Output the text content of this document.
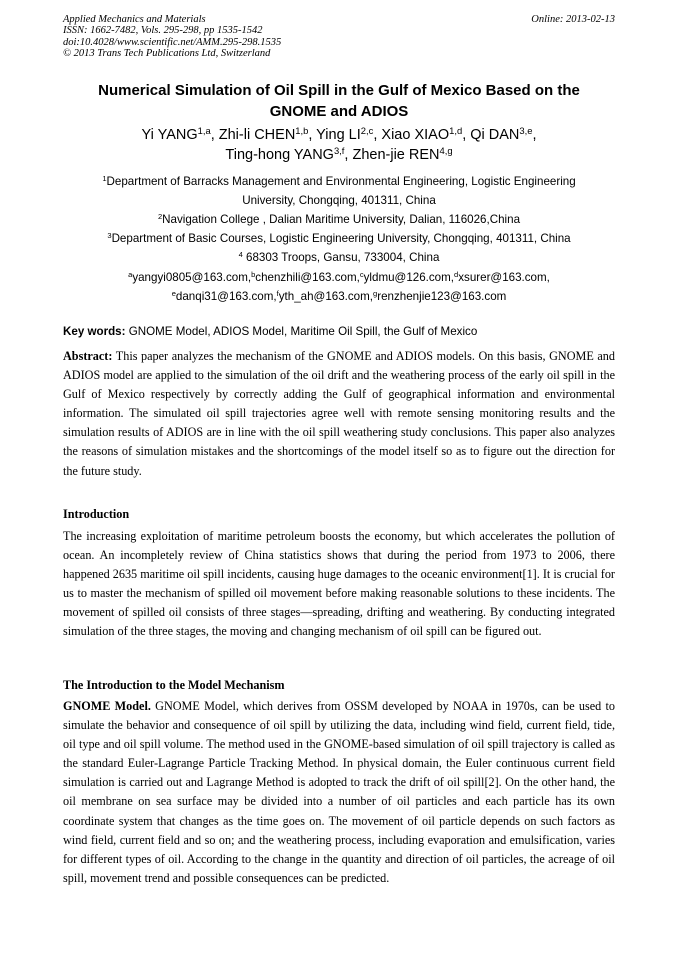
Applied Mechanics and Materials
ISSN: 1662-7482, Vols. 295-298, pp 1535-1542
doi:10.4028/www.scientific.net/AMM.295-298.1535
© 2013 Trans Tech Publications Ltd, Switzerland
Online: 2013-02-13
Numerical Simulation of Oil Spill in the Gulf of Mexico Based on the
GNOME and ADIOS
Yi YANG$^{1,a}$, Zhi-li CHEN$^{1,b}$, Ying LI$^{2,c}$, Xiao XIAO$^{1,d}$, Qi DAN$^{3,e}$,
Ting-hong YANG$^{3,f}$, Zhen-jie REN$^{4,g}$
$^1$Department of Barracks Management and Environmental Engineering, Logistic Engineering
University, Chongqing, 401311, China
$^2$Navigation College , Dalian Maritime University, Dalian, 116026,China
$^3$Department of Basic Courses, Logistic Engineering University, Chongqing, 401311, China
$^4$ 68303 Troops, Gansu, 733004, China
$^a$yangyi0805@163.com,$^b$chenzhili@163.com,$^c$yldmu@126.com,$^d$xsurer@163.com,
$^e$danqi31@163.com,$^f$yth_ah@163.com,$^g$renzhenjie123@163.com
Key words: GNOME Model, ADIOS Model, Maritime Oil Spill, the Gulf of Mexico
Abstract: This paper analyzes the mechanism of the GNOME and ADIOS models. On this basis, GNOME and ADIOS model are applied to the simulation of the oil drift and the weathering process of the early oil spill in the Gulf of Mexico respectively by correctly adding the Gulf of geographical information and environmental information. The simulated oil spill trajectories agree well with remote sensing monitoring results and the simulation results of ADIOS are in line with the oil spill weathering study conclusions. This paper also analyzes the reasons of simulation mistakes and the shortcomings of the model itself so as to figure out the direction for the future study.
Introduction
The increasing exploitation of maritime petroleum boosts the economy, but which accelerates the pollution of ocean. An incompletely review of China statistics shows that during the period from 1973 to 2006, there happened 2635 maritime oil spill incidents, causing huge damages to the oceanic environment[1]. It is crucial for us to master the mechanism of spilled oil movement before making reasonable solutions to these incidents. The movement of spilled oil consists of three stages—spreading, drifting and weathering. By conducting integrated simulation of the three stages, the moving and changing mechanism of oil spill can be figured out.
The Introduction to the Model Mechanism
GNOME Model. GNOME Model, which derives from OSSM developed by NOAA in 1970s, can be used to simulate the behavior and consequence of oil spill by utilizing the data, including wind field, current field, tide, oil type and oil spill volume. The method used in the GNOME-based simulation of oil spill trajectory is called as the standard Euler-Lagrange Particle Tracking Method. In physical domain, the Euler continuous current field simulation is carried out and Lagrange Method is adopted to track the drift of oil spill[2]. On the other hand, the oil membrane on sea surface may be divided into a number of oil particles and each particle has its own coordinate system that changes as the time goes on. The movement of oil particle depends on such factors as wind field, current field and so on; and the weathering process, including evaporation and emulsification, varies for different types of oil. According to the change in the quantity and direction of oil particles, the acreage of oil spill, movement trend and possible consequences can be predicted.
